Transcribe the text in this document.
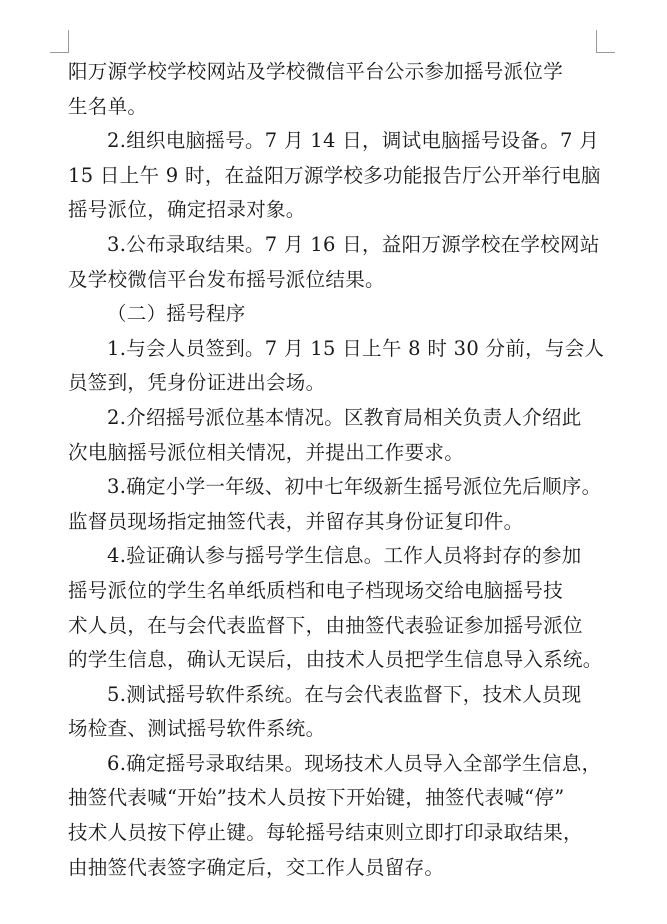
阳万源学校学校网站及学校微信平台公示参加摇号派位学
生名单。
2.组织电脑摇号。7 月 14 日，调试电脑摇号设备。7 月
15 日上午 9 时，在益阳万源学校多功能报告厅公开举行电脑
摇号派位，确定招录对象。
3.公布录取结果。7 月 16 日，益阳万源学校在学校网站
及学校微信平台发布摇号派位结果。
（二）摇号程序
1.与会人员签到。7 月 15 日上午 8 时 30 分前，与会人
员签到，凭身份证进出会场。
2.介绍摇号派位基本情况。区教育局相关负责人介绍此
次电脑摇号派位相关情况，并提出工作要求。
3.确定小学一年级、初中七年级新生摇号派位先后顺序。
监督员现场指定抽签代表，并留存其身份证复印件。
4.验证确认参与摇号学生信息。工作人员将封存的参加
摇号派位的学生名单纸质档和电子档现场交给电脑摇号技
术人员，在与会代表监督下，由抽签代表验证参加摇号派位
的学生信息，确认无误后，由技术人员把学生信息导入系统。
5.测试摇号软件系统。在与会代表监督下，技术人员现
场检查、测试摇号软件系统。
6.确定摇号录取结果。现场技术人员导入全部学生信息，
抽签代表喊“开始”技术人员按下开始键，抽签代表喊“停”
技术人员按下停止键。每轮摇号结束则立即打印录取结果，
由抽签代表签字确定后，交工作人员留存。
